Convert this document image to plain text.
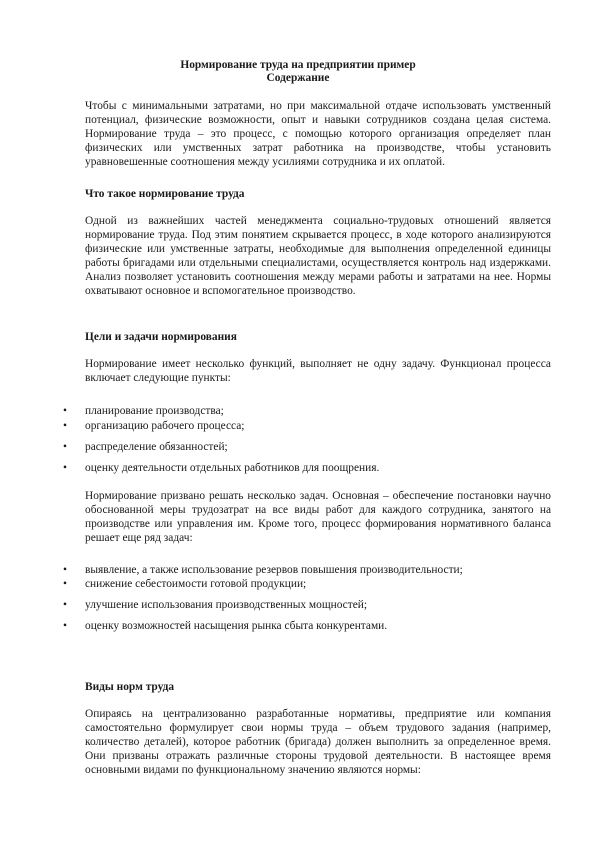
Нормирование труда на предприятии пример
Содержание

Чтобы с минимальными затратами, но при максимальной отдаче использовать умственный потенциал, физические возможности, опыт и навыки сотрудников создана целая система. Нормирование труда – это процесс, с помощью которого организация определяет план физических или умственных затрат работника на производстве, чтобы установить уравновешенные соотношения между усилиями сотрудника и их оплатой.

Что такое нормирование труда

Одной из важнейших частей менеджмента социально-трудовых отношений является нормирование труда. Под этим понятием скрывается процесс, в ходе которого анализируются физические или умственные затраты, необходимые для выполнения определенной единицы работы бригадами или отдельными специалистами, осуществляется контроль над издержками. Анализ позволяет установить соотношения между мерами работы и затратами на нее. Нормы охватывают основное и вспомогательное производство.

Цели и задачи нормирования

Нормирование имеет несколько функций, выполняет не одну задачу. Функционал процесса включает следующие пункты:

• планирование производства;
• организацию рабочего процесса;
• распределение обязанностей;
• оценку деятельности отдельных работников для поощрения.

Нормирование призвано решать несколько задач. Основная – обеспечение постановки научно обоснованной меры трудозатрат на все виды работ для каждого сотрудника, занятого на производстве или управления им. Кроме того, процесс формирования нормативного баланса решает еще ряд задач:

• выявление, а также использование резервов повышения производительности;
• снижение себестоимости готовой продукции;
• улучшение использования производственных мощностей;
• оценку возможностей насыщения рынка сбыта конкурентами.

Виды норм труда

Опираясь на централизованно разработанные нормативы, предприятие или компания самостоятельно формулирует свои нормы труда – объем трудового задания (например, количество деталей), которое работник (бригада) должен выполнить за определенное время. Они призваны отражать различные стороны трудовой деятельности. В настоящее время основными видами по функциональному значению являются нормы:
